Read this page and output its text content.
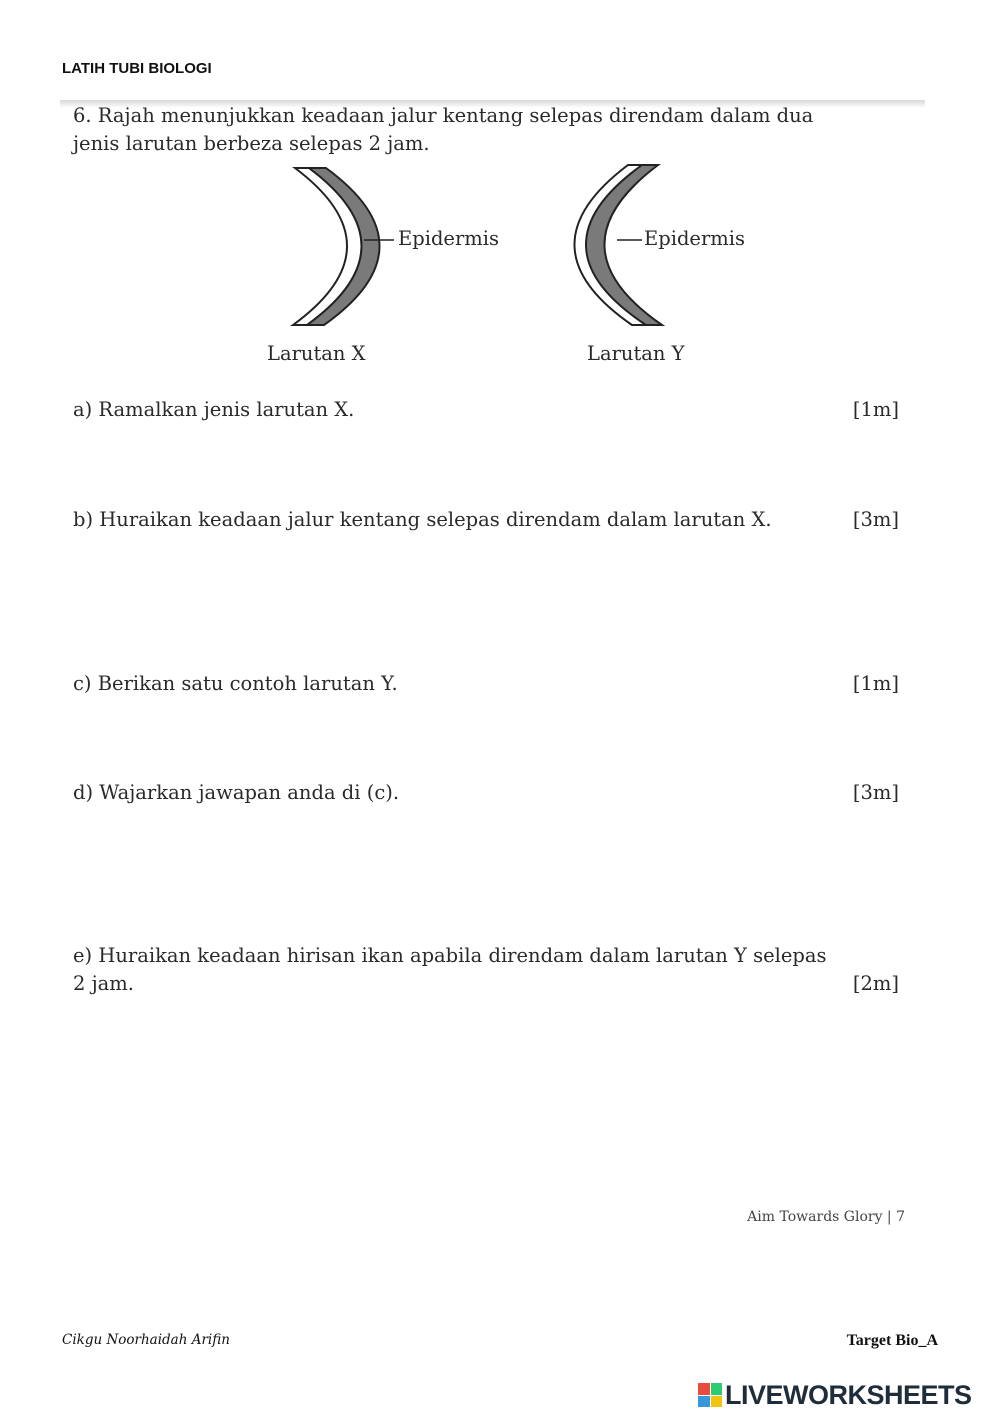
LATIH TUBI BIOLOGI
6. Rajah menunjukkan keadaan jalur kentang selepas direndam dalam dua
jenis larutan berbeza selepas 2 jam.
Epidermis	Epidermis
Larutan X	Larutan Y
a) Ramalkan jenis larutan X.	[1m]
b) Huraikan keadaan jalur kentang selepas direndam dalam larutan X.	[3m]
c) Berikan satu contoh larutan Y.	[1m]
d) Wajarkan jawapan anda di (c).	[3m]
e) Huraikan keadaan hirisan ikan apabila direndam dalam larutan Y selepas
2 jam.	[2m]
Aim Towards Glory | 7
Cikgu Noorhaidah Arifin	Target Bio_A
LIVEWORKSHEETS
